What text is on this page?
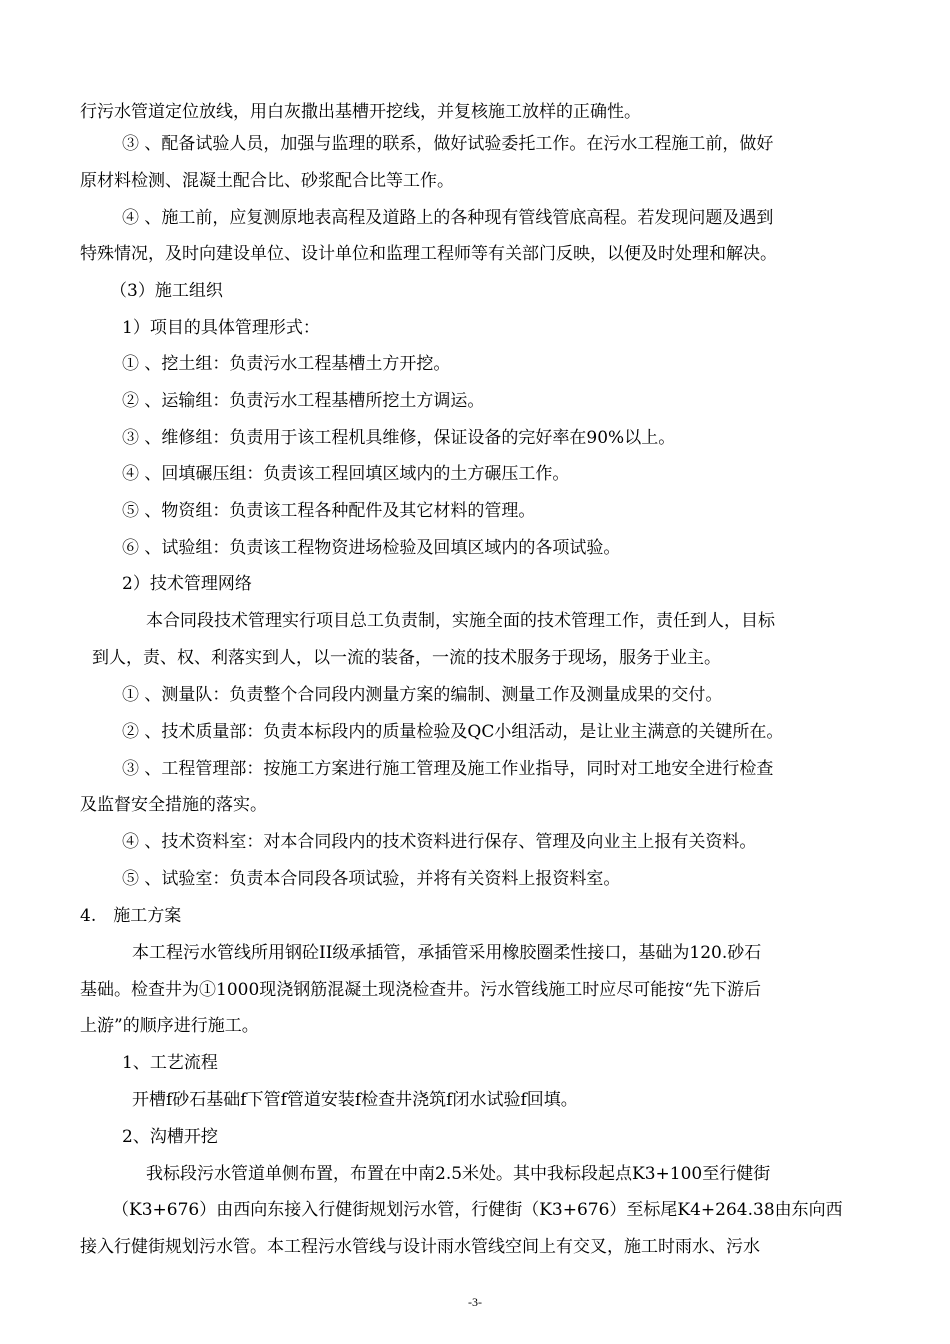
行污水管道定位放线，用白灰撒出基槽开挖线，并复核施工放样的正确性。
③ 、配备试验人员，加强与监理的联系，做好试验委托工作。在污水工程施工前，做好
原材料检测、混凝土配合比、砂浆配合比等工作。
④ 、施工前，应复测原地表高程及道路上的各种现有管线管底高程。若发现问题及遇到
特殊情况，及时向建设单位、设计单位和监理工程师等有关部门反映，以便及时处理和解决。
（3）施工组织
1）项目的具体管理形式：
① 、挖土组：负责污水工程基槽土方开挖。
② 、运输组：负责污水工程基槽所挖土方调运。
③ 、维修组：负责用于该工程机具维修，保证设备的完好率在90%以上。
④ 、回填碾压组：负责该工程回填区域内的土方碾压工作。
⑤ 、物资组：负责该工程各种配件及其它材料的管理。
⑥ 、试验组：负责该工程物资进场检验及回填区域内的各项试验。
2）技术管理网络
本合同段技术管理实行项目总工负责制，实施全面的技术管理工作，责任到人，目标
到人，责、权、利落实到人，以一流的装备，一流的技术服务于现场，服务于业主。
① 、测量队：负责整个合同段内测量方案的编制、测量工作及测量成果的交付。
② 、技术质量部：负责本标段内的质量检验及QC小组活动，是让业主满意的关键所在。
③ 、工程管理部：按施工方案进行施工管理及施工作业指导，同时对工地安全进行检查
及监督安全措施的落实。
④ 、技术资料室：对本合同段内的技术资料进行保存、管理及向业主上报有关资料。
⑤ 、试验室：负责本合同段各项试验，并将有关资料上报资料室。
4.　施工方案
本工程污水管线所用钢砼II级承插管，承插管采用橡胶圈柔性接口，基础为120.砂石
基础。检查井为①1000现浇钢筋混凝土现浇检查井。污水管线施工时应尽可能按“先下游后
上游”的顺序进行施工。
1、工艺流程
开槽f砂石基础f下管f管道安装f检查井浇筑f闭水试验f回填。
2、沟槽开挖
我标段污水管道单侧布置，布置在中南2.5米处。其中我标段起点K3+100至行健街
（K3+676）由西向东接入行健街规划污水管，行健街（K3+676）至标尾K4+264.38由东向西
接入行健街规划污水管。本工程污水管线与设计雨水管线空间上有交叉，施工时雨水、污水
-3-
